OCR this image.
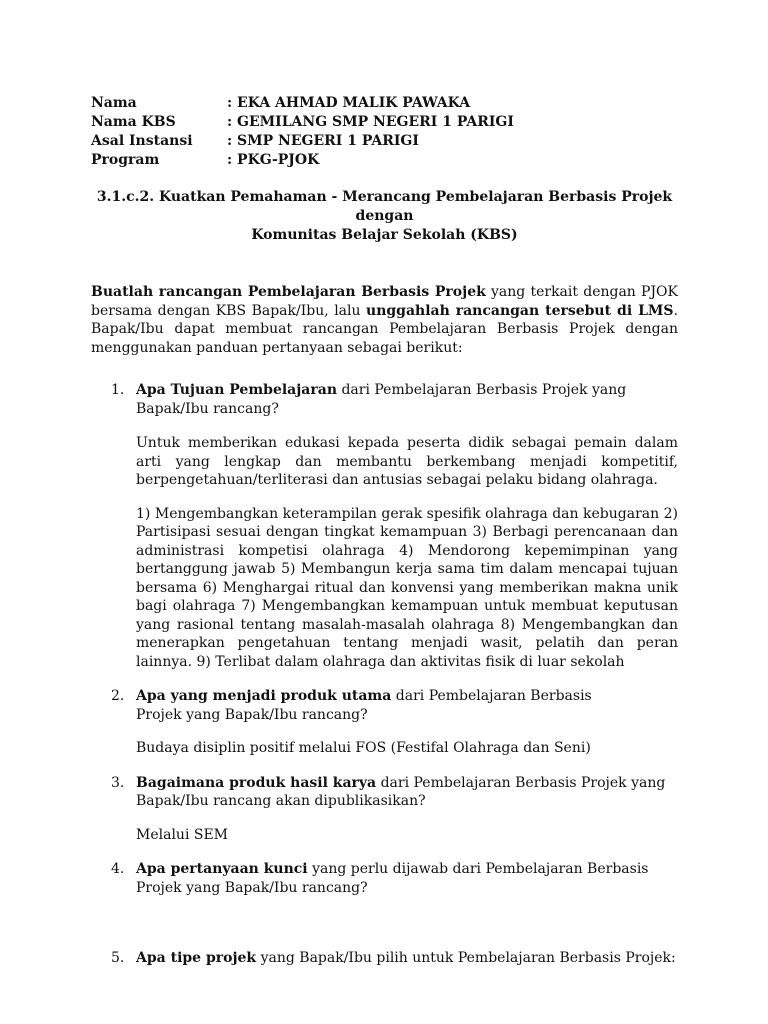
Nama	: EKA AHMAD MALIK PAWAKA
Nama KBS	: GEMILANG SMP NEGERI 1 PARIGI
Asal Instansi	: SMP NEGERI 1 PARIGI
Program	: PKG-PJOK
3.1.c.2. Kuatkan Pemahaman - Merancang Pembelajaran Berbasis Projek dengan
Komunitas Belajar Sekolah (KBS)

Buatlah rancangan Pembelajaran Berbasis Projek yang terkait dengan PJOK bersama dengan KBS Bapak/Ibu, lalu unggahlah rancangan tersebut di LMS. Bapak/Ibu dapat membuat rancangan Pembelajaran Berbasis Projek dengan menggunakan panduan pertanyaan sebagai berikut:

1. Apa Tujuan Pembelajaran dari Pembelajaran Berbasis Projek yang Bapak/Ibu rancang?

Untuk memberikan edukasi kepada peserta didik sebagai pemain dalam arti yang lengkap dan membantu berkembang menjadi kompetitif, berpengetahuan/terliterasi dan antusias sebagai pelaku bidang olahraga.

1) Mengembangkan keterampilan gerak spesifik olahraga dan kebugaran 2) Partisipasi sesuai dengan tingkat kemampuan 3) Berbagi perencanaan dan administrasi kompetisi olahraga 4) Mendorong kepemimpinan yang bertanggung jawab 5) Membangun kerja sama tim dalam mencapai tujuan bersama 6) Menghargai ritual dan konvensi yang memberikan makna unik bagi olahraga 7) Mengembangkan kemampuan untuk membuat keputusan yang rasional tentang masalah-masalah olahraga 8) Mengembangkan dan menerapkan pengetahuan tentang menjadi wasit, pelatih dan peran lainnya. 9) Terlibat dalam olahraga dan aktivitas fisik di luar sekolah

2. Apa yang menjadi produk utama dari Pembelajaran Berbasis Projek yang Bapak/Ibu rancang?

Budaya disiplin positif melalui FOS (Festifal Olahraga dan Seni)

3. Bagaimana produk hasil karya dari Pembelajaran Berbasis Projek yang Bapak/Ibu rancang akan dipublikasikan?

Melalui SEM

4. Apa pertanyaan kunci yang perlu dijawab dari Pembelajaran Berbasis Projek yang Bapak/Ibu rancang?

5. Apa tipe projek yang Bapak/Ibu pilih untuk Pembelajaran Berbasis Projek:
